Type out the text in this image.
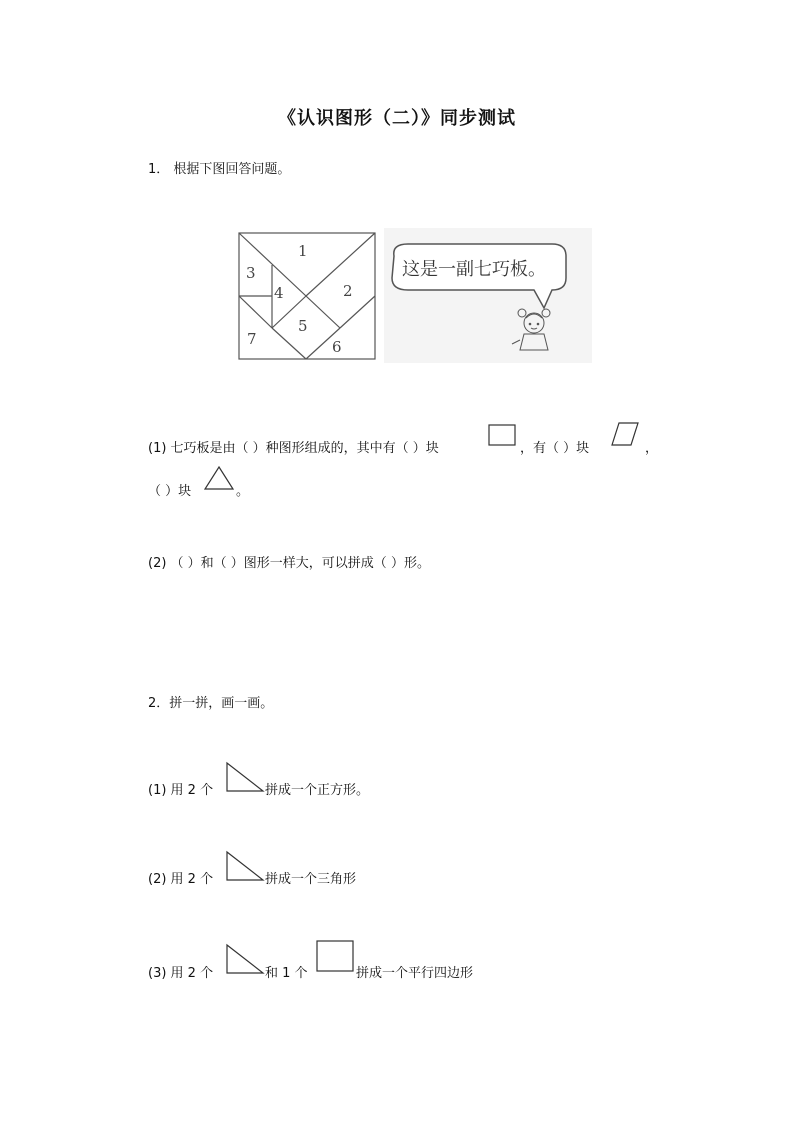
《认识图形（二）》同步测试
1． 根据下图回答问题。
1
2
3
4
5
6
7
这是一副七巧板。
(1) 七巧板是由（ ）种图形组成的，其中有（ ）块	，有（ ）块	，
（ ）块	。
(2) （ ）和（ ）图形一样大，可以拼成（ ）形。
2．拼一拼，画一画。
(1) 用 2 个	拼成一个正方形。
(2) 用 2 个	拼成一个三角形
(3) 用 2 个	和 1 个	拼成一个平行四边形
